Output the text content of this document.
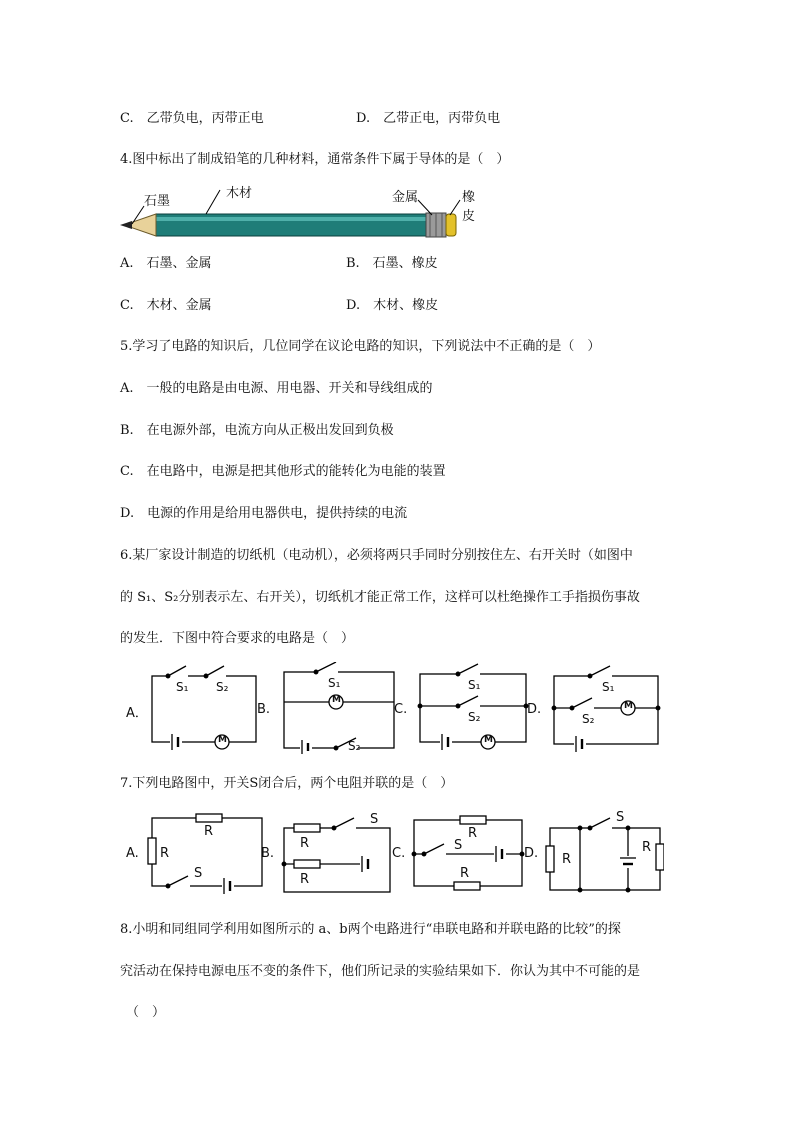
C.　乙带负电，丙带正电	D.　乙带正电，丙带负电
4.图中标出了制成铅笔的几种材料，通常条件下属于导体的是（　）
石墨
木材	金属	橡皮
A.　石墨、金属	B.　石墨、橡皮
C.　木材、金属	D.　木材、橡皮
5.学习了电路的知识后，几位同学在议论电路的知识，下列说法中不正确的是（　）
A.　一般的电路是由电源、用电器、开关和导线组成的
B.　在电源外部，电流方向从正极出发回到负极
C.　在电路中，电源是把其他形式的能转化为电能的装置
D.　电源的作用是给用电器供电，提供持续的电流
6.某厂家设计制造的切纸机（电动机），必须将两只手同时分别按住左、右开关时（如图中
的 S₁、S₂分别表示左、右开关），切纸机才能正常工作，这样可以杜绝操作工手指损伤事故
的发生．下图中符合要求的电路是（　）
A．	B.	C.	D.
S₁ S₂
M
S₁
M
S₂
S₁
S₂
M
S₁
S₂
M
7.下列电路图中，开关S闭合后，两个电阻并联的是（　）
A.	B.	C.	D.
R
R
S
R
S
R
R
S
R
R
S
R
8.小明和同组同学利用如图所示的 a、b两个电路进行“串联电路和并联电路的比较”的探
究活动在保持电源电压不变的条件下，他们所记录的实验结果如下．你认为其中不可能的是
（　）
